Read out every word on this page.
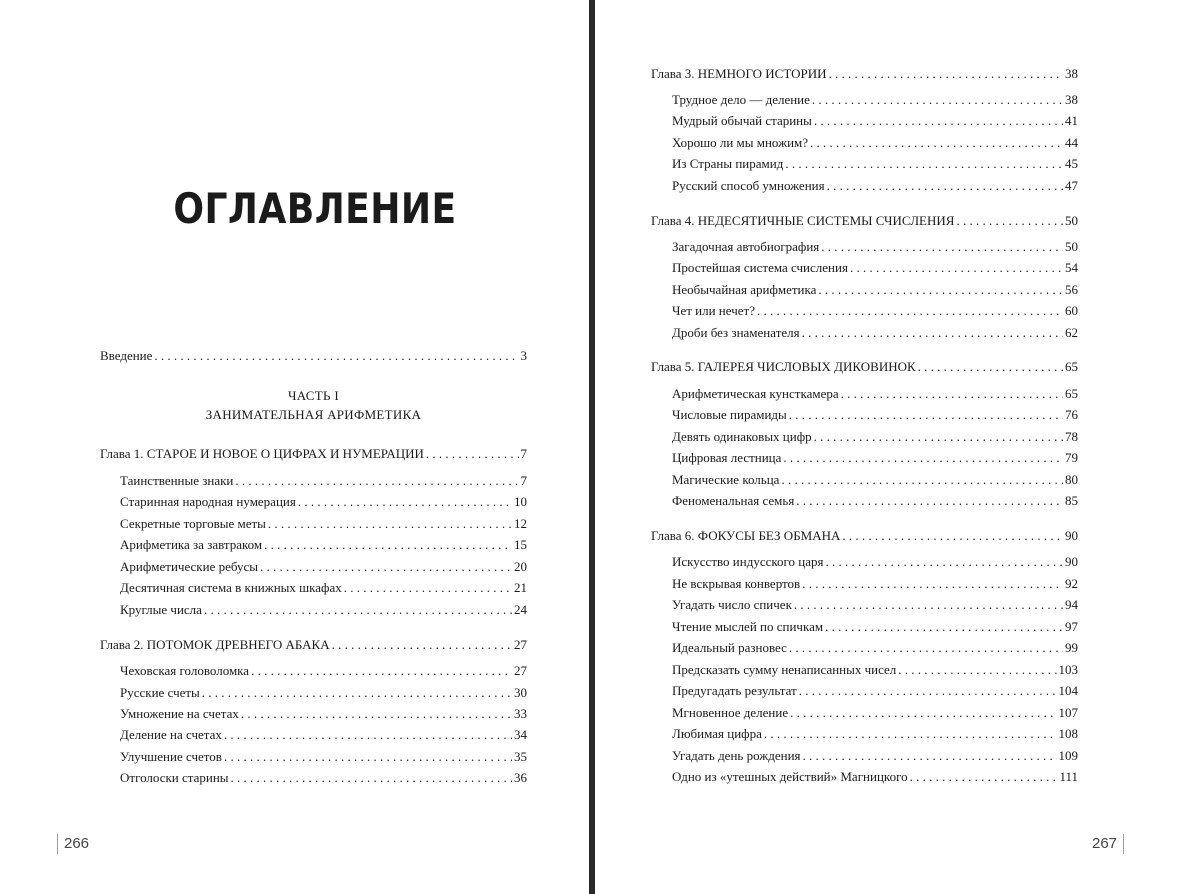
ОГЛАВЛЕНИЕ
Введение . . .	3
ЧАСТЬ I
ЗАНИМАТЕЛЬНАЯ АРИФМЕТИКА
Глава 1. СТАРОЕ И НОВОЕ О ЦИФРАХ И НУМЕРАЦИИ . . .	7
Таинственные знаки . . .	7
Старинная народная нумерация . . .	10
Секретные торговые меты . . .	12
Арифметика за завтраком . . .	15
Арифметические ребусы . . .	20
Десятичная система в книжных шкафах . . .	21
Круглые числа . . .	24
Глава 2. ПОТОМОК ДРЕВНЕГО АБАКА . . .	27
Чеховская головоломка . . .	27
Русские счеты . . .	30
Умножение на счетах . . .	33
Деление на счетах . . .	34
Улучшение счетов . . .	35
Отголоски старины . . .	36
266
Глава 3. НЕМНОГО ИСТОРИИ . . .	38
Трудное дело — деление . . .	38
Мудрый обычай старины . . .	41
Хорошо ли мы множим? . . .	44
Из Страны пирамид . . .	45
Русский способ умножения . . .	47
Глава 4. НЕДЕСЯТИЧНЫЕ СИСТЕМЫ СЧИСЛЕНИЯ . . .	50
Загадочная автобиография . . .	50
Простейшая система счисления . . .	54
Необычайная арифметика . . .	56
Чет или нечет? . . .	60
Дроби без знаменателя . . .	62
Глава 5. ГАЛЕРЕЯ ЧИСЛОВЫХ ДИКОВИНОК . . .	65
Арифметическая кунсткамера . . .	65
Числовые пирамиды . . .	76
Девять одинаковых цифр . . .	78
Цифровая лестница . . .	79
Магические кольца . . .	80
Феноменальная семья . . .	85
Глава 6. ФОКУСЫ БЕЗ ОБМАНА . . .	90
Искусство индусского царя . . .	90
Не вскрывая конвертов . . .	92
Угадать число спичек . . .	94
Чтение мыслей по спичкам . . .	97
Идеальный разновес . . .	99
Предсказать сумму ненаписанных чисел . . .	103
Предугадать результат . . .	104
Мгновенное деление . . .	107
Любимая цифра . . .	108
Угадать день рождения . . .	109
Одно из «утешных действий» Магницкого . . .	111
267
